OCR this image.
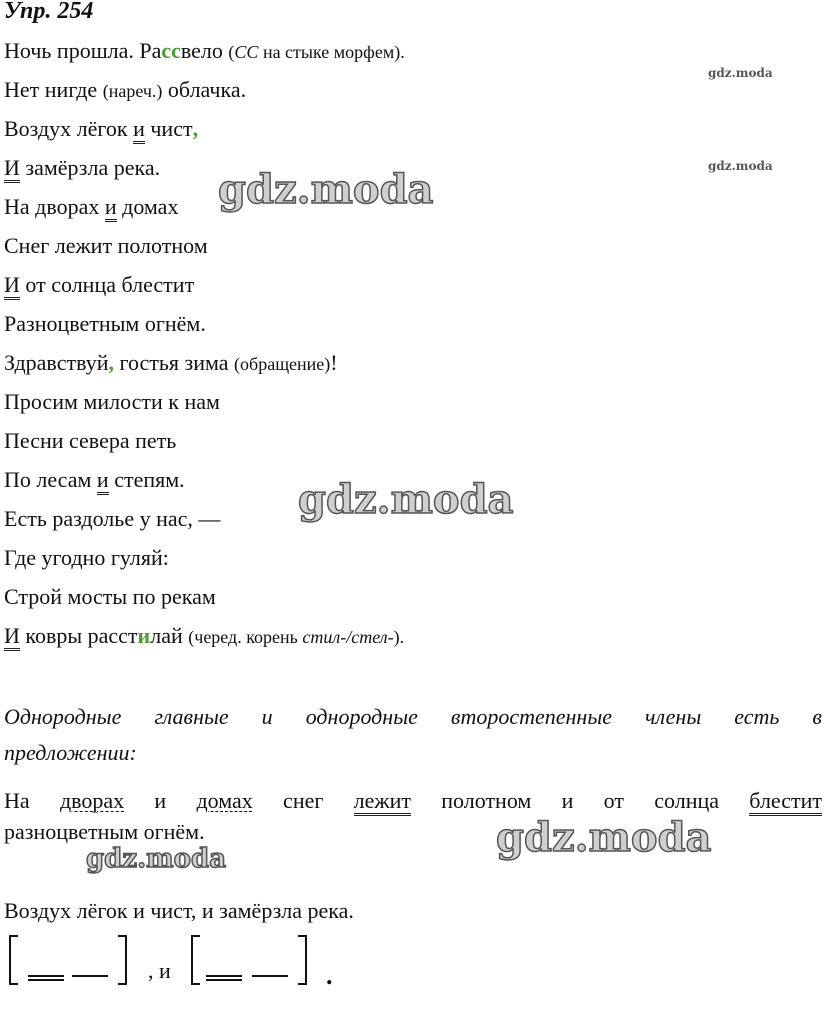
Упр. 254
Ночь прошла. Рассвело (СС на стыке морфем).
Нет нигде (нареч.) облачка.
Воздух лёгок и чист,
И замёрзла река.
На дворах и домах
Снег лежит полотном
И от солнца блестит
Разноцветным огнём.
Здравствуй, гостья зима (обращение)!
Просим милости к нам
Песни севера петь
По лесам и степям.
Есть раздолье у нас, —
Где угодно гуляй:
Строй мосты по рекам
И ковры расстилай (черед. корень стил-/стел-).
Однородные главные и однородные второстепенные члены есть в
предложении:
На дворах и домах снег лежит полотном и от солнца блестит
разноцветным огнём.
Воздух лёгок и чист, и замёрзла река.
, и	.
gdz.moda
gdz.moda
gdz.moda
gdz.moda
gdz.moda
gdz.moda
